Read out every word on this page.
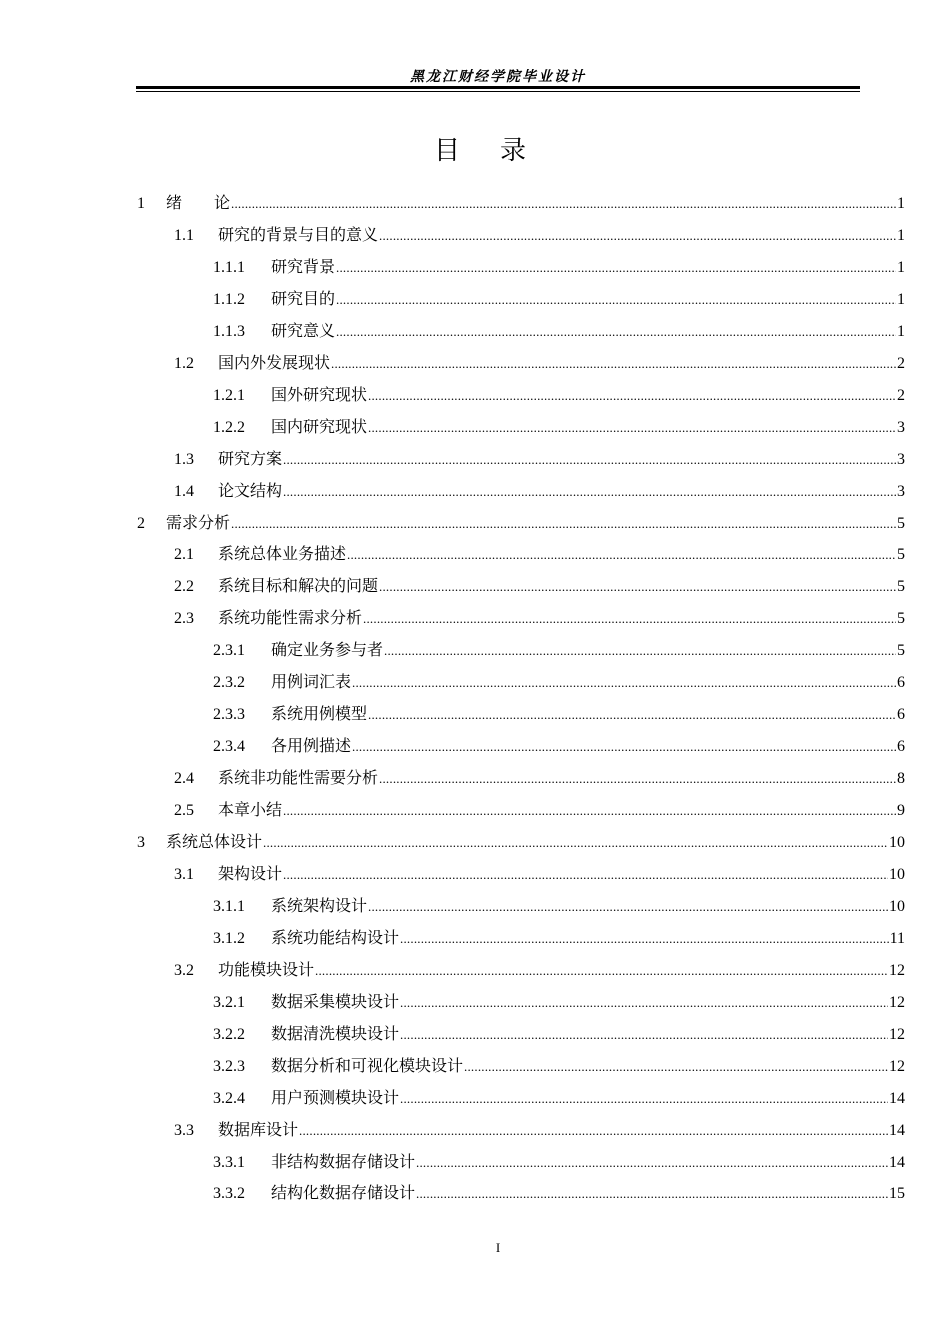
黑龙江财经学院毕业设计
目录
1	绪　　论 .....	1
1.1	研究的背景与目的意义 .....	1
1.1.1	研究背景 .....	1
1.1.2	研究目的 .....	1
1.1.3	研究意义 .....	1
1.2	国内外发展现状 .....	2
1.2.1	国外研究现状 .....	2
1.2.2	国内研究现状 .....	3
1.3	研究方案 .....	3
1.4	论文结构 .....	3
2	需求分析 .....	5
2.1	系统总体业务描述 .....	5
2.2	系统目标和解决的问题 .....	5
2.3	系统功能性需求分析 .....	5
2.3.1	确定业务参与者 .....	5
2.3.2	用例词汇表 .....	6
2.3.3	系统用例模型 .....	6
2.3.4	各用例描述 .....	6
2.4	系统非功能性需要分析 .....	8
2.5	本章小结 .....	9
3	系统总体设计 .....	10
3.1	架构设计 .....	10
3.1.1	系统架构设计 .....	10
3.1.2	系统功能结构设计 .....	11
3.2	功能模块设计 .....	12
3.2.1	数据采集模块设计 .....	12
3.2.2	数据清洗模块设计 .....	12
3.2.3	数据分析和可视化模块设计 .....	12
3.2.4	用户预测模块设计 .....	14
3.3	数据库设计 .....	14
3.3.1	非结构数据存储设计 .....	14
3.3.2	结构化数据存储设计 .....	15
I
